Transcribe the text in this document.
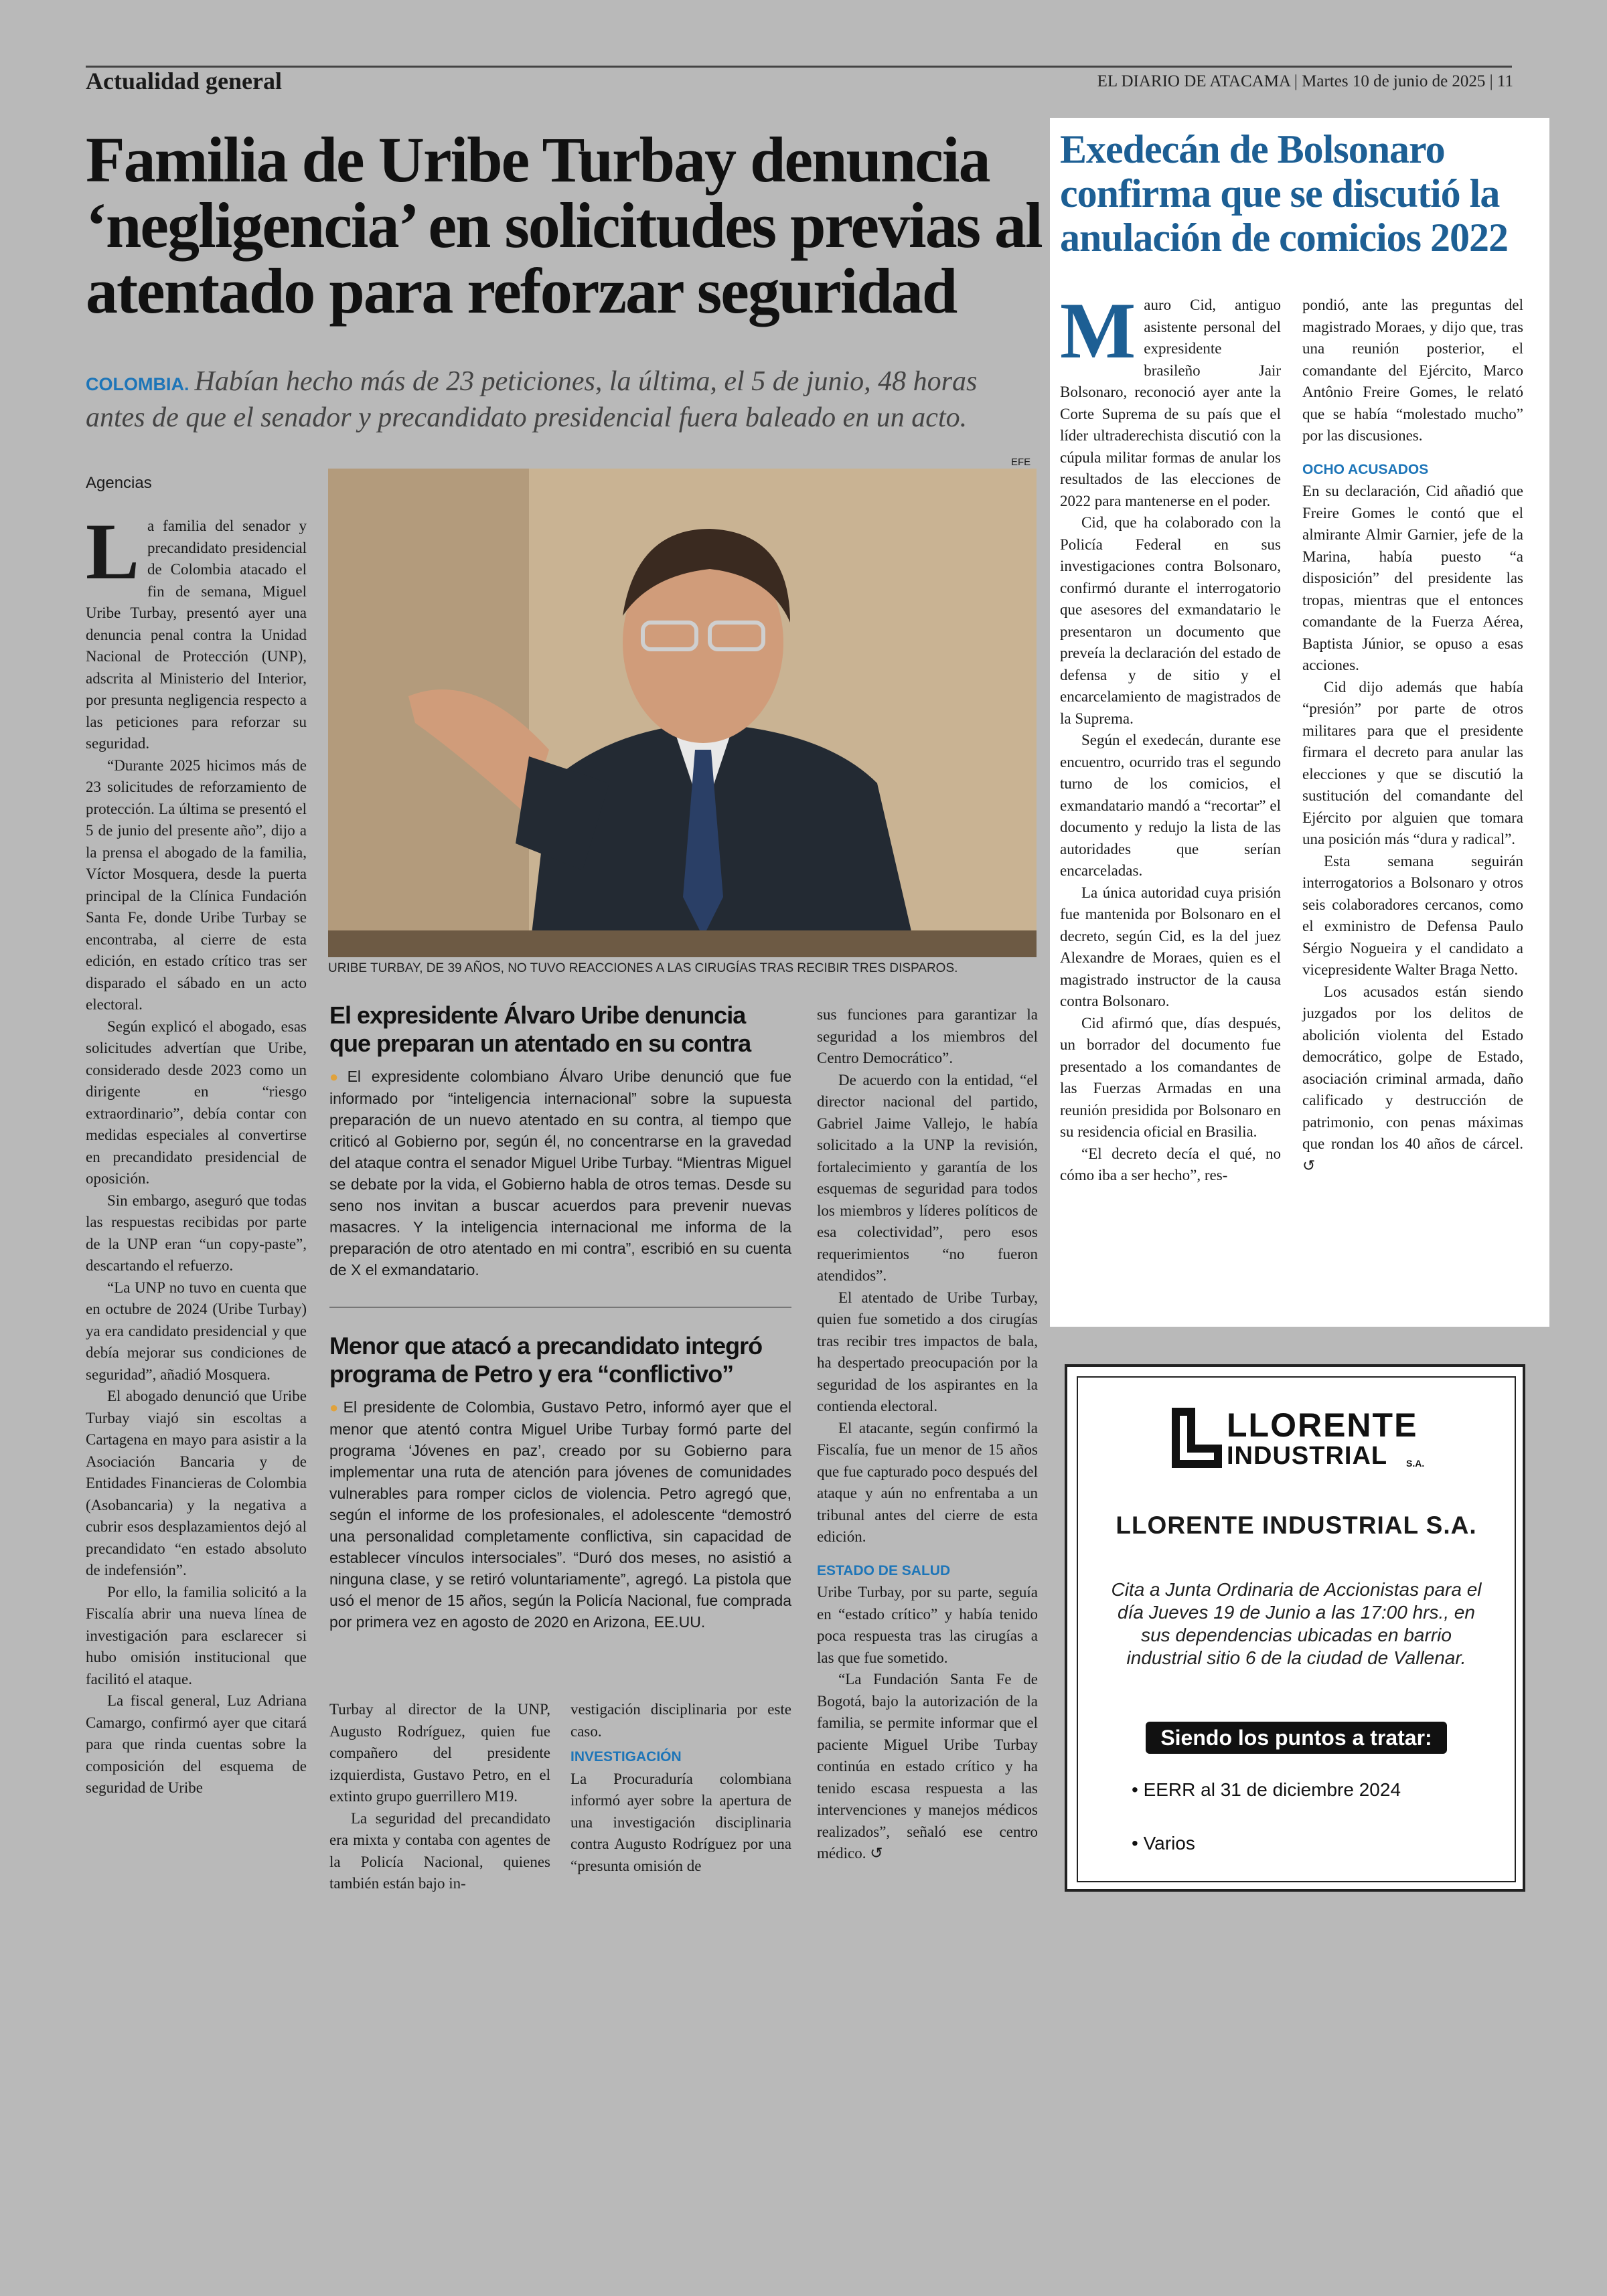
Actualidad general	EL DIARIO DE ATACAMA | Martes 10 de junio de 2025 | 11
Familia de Uribe Turbay denuncia ‘negligencia’ en solicitudes previas al atentado para reforzar seguridad
COLOMBIA. Habían hecho más de 23 peticiones, la última, el 5 de junio, 48 horas antes de que el senador y precandidato presidencial fuera baleado en un acto.
Agencias
EFE
URIBE TURBAY, DE 39 AÑOS, NO TUVO REACCIONES A LAS CIRUGÍAS TRAS RECIBIR TRES DISPAROS.

La familia del senador y precandidato presidencial de Colombia atacado el fin de semana, Miguel Uribe Turbay, presentó ayer una denuncia penal contra la Unidad Nacional de Protección (UNP), adscrita al Ministerio del Interior, por presunta negligencia respecto a las peticiones para reforzar su seguridad.

“Durante 2025 hicimos más de 23 solicitudes de reforzamiento de protección. La última se presentó el 5 de junio del presente año”, dijo a la prensa el abogado de la familia, Víctor Mosquera, desde la puerta principal de la Clínica Fundación Santa Fe, donde Uribe Turbay se encontraba, al cierre de esta edición, en estado crítico tras ser disparado el sábado en un acto electoral.

Según explicó el abogado, esas solicitudes advertían que Uribe, considerado desde 2023 como un dirigente en “riesgo extraordinario”, debía contar con medidas especiales al convertirse en precandidato presidencial de oposición.

Sin embargo, aseguró que todas las respuestas recibidas por parte de la UNP eran “un copy-paste”, descartando el refuerzo.

“La UNP no tuvo en cuenta que en octubre de 2024 (Uribe Turbay) ya era candidato presidencial y que debía mejorar sus condiciones de seguridad”, añadió Mosquera.

El abogado denunció que Uribe Turbay viajó sin escoltas a Cartagena en mayo para asistir a la Asociación Bancaria y de Entidades Financieras de Colombia (Asobancaria) y la negativa a cubrir esos desplazamientos dejó al precandidato “en estado absoluto de indefensión”.

Por ello, la familia solicitó a la Fiscalía abrir una nueva línea de investigación para esclarecer si hubo omisión institucional que facilitó el ataque.

La fiscal general, Luz Adriana Camargo, confirmó ayer que citará para que rinda cuentas sobre la composición del esquema de seguridad de Uribe

El expresidente Álvaro Uribe denuncia que preparan un atentado en su contra

● El expresidente colombiano Álvaro Uribe denunció que fue informado por “inteligencia internacional” sobre la supuesta preparación de un nuevo atentado en su contra, al tiempo que criticó al Gobierno por, según él, no concentrarse en la gravedad del ataque contra el senador Miguel Uribe Turbay. “Mientras Miguel se debate por la vida, el Gobierno habla de otros temas. Desde su seno nos invitan a buscar acuerdos para prevenir nuevas masacres. Y la inteligencia internacional me informa de la preparación de otro atentado en mi contra”, escribió en su cuenta de X el exmandatario.

Menor que atacó a precandidato integró programa de Petro y era “conflictivo”

● El presidente de Colombia, Gustavo Petro, informó ayer que el menor que atentó contra Miguel Uribe Turbay formó parte del programa ‘Jóvenes en paz’, creado por su Gobierno para implementar una ruta de atención para jóvenes de comunidades vulnerables para romper ciclos de violencia. Petro agregó que, según el informe de los profesionales, el adolescente “demostró una personalidad completamente conflictiva, sin capacidad de establecer vínculos intersociales”. “Duró dos meses, no asistió a ninguna clase, y se retiró voluntariamente”, agregó. La pistola que usó el menor de 15 años, según la Policía Nacional, fue comprada por primera vez en agosto de 2020 en Arizona, EE.UU.

Turbay al director de la UNP, Augusto Rodríguez, quien fue compañero del presidente izquierdista, Gustavo Petro, en el extinto grupo guerrillero M19.

La seguridad del precandidato era mixta y contaba con agentes de la Policía Nacional, quienes también están bajo in-

vestigación disciplinaria por este caso.

INVESTIGACIÓN

La Procuraduría colombiana informó ayer sobre la apertura de una investigación disciplinaria contra Augusto Rodríguez por una “presunta omisión de

sus funciones para garantizar la seguridad a los miembros del Centro Democrático”.

De acuerdo con la entidad, “el director nacional del partido, Gabriel Jaime Vallejo, le había solicitado a la UNP la revisión, fortalecimiento y garantía de los esquemas de seguridad para todos los miembros y líderes políticos de esa colectividad”, pero esos requerimientos “no fueron atendidos”.

El atentado de Uribe Turbay, quien fue sometido a dos cirugías tras recibir tres impactos de bala, ha despertado preocupación por la seguridad de los aspirantes en la contienda electoral.

El atacante, según confirmó la Fiscalía, fue un menor de 15 años que fue capturado poco después del ataque y aún no enfrentaba a un tribunal antes del cierre de esta edición.

ESTADO DE SALUD

Uribe Turbay, por su parte, seguía en “estado crítico” y había tenido poca respuesta tras las cirugías a las que fue sometido.

“La Fundación Santa Fe de Bogotá, bajo la autorización de la familia, se permite informar que el paciente Miguel Uribe Turbay continúa en estado crítico y ha tenido escasa respuesta a las intervenciones y manejos médicos realizados”, señaló ese centro médico. ↺

Exedecán de Bolsonaro confirma que se discutió la anulación de comicios 2022

Mauro Cid, antiguo asistente personal del expresidente brasileño Jair Bolsonaro, reconoció ayer ante la Corte Suprema de su país que el líder ultraderechista discutió con la cúpula militar formas de anular los resultados de las elecciones de 2022 para mantenerse en el poder.

Cid, que ha colaborado con la Policía Federal en sus investigaciones contra Bolsonaro, confirmó durante el interrogatorio que asesores del exmandatario le presentaron un documento que preveía la declaración del estado de defensa y de sitio y el encarcelamiento de magistrados de la Suprema.

Según el exedecán, durante ese encuentro, ocurrido tras el segundo turno de los comicios, el exmandatario mandó a “recortar” el documento y redujo la lista de las autoridades que serían encarceladas.

La única autoridad cuya prisión fue mantenida por Bolsonaro en el decreto, según Cid, es la del juez Alexandre de Moraes, quien es el magistrado instructor de la causa contra Bolsonaro.

Cid afirmó que, días después, un borrador del documento fue presentado a los comandantes de las Fuerzas Armadas en una reunión presidida por Bolsonaro en su residencia oficial en Brasilia.

“El decreto decía el qué, no cómo iba a ser hecho”, res-

pondió, ante las preguntas del magistrado Moraes, y dijo que, tras una reunión posterior, el comandante del Ejército, Marco Antônio Freire Gomes, le relató que se había “molestado mucho” por las discusiones.

OCHO ACUSADOS

En su declaración, Cid añadió que Freire Gomes le contó que el almirante Almir Garnier, jefe de la Marina, había puesto “a disposición” del presidente las tropas, mientras que el entonces comandante de la Fuerza Aérea, Baptista Júnior, se opuso a esas acciones.

Cid dijo además que había “presión” por parte de otros militares para que el presidente firmara el decreto para anular las elecciones y que se discutió la sustitución del comandante del Ejército por alguien que tomara una posición más “dura y radical”.

Esta semana seguirán interrogatorios a Bolsonaro y otros seis colaboradores cercanos, como el exministro de Defensa Paulo Sérgio Nogueira y el candidato a vicepresidente Walter Braga Netto.

Los acusados están siendo juzgados por los delitos de abolición violenta del Estado democrático, golpe de Estado, asociación criminal armada, daño calificado y destrucción de patrimonio, con penas máximas que rondan los 40 años de cárcel. ↺

LLORENTE
INDUSTRIAL S.A.
LLORENTE INDUSTRIAL S.A.
Cita a Junta Ordinaria de Accionistas para el día Jueves 19 de Junio a las 17:00 hrs., en sus dependencias ubicadas en barrio industrial sitio 6 de la ciudad de Vallenar.
Siendo los puntos a tratar:
• EERR al 31 de diciembre 2024
• Varios
